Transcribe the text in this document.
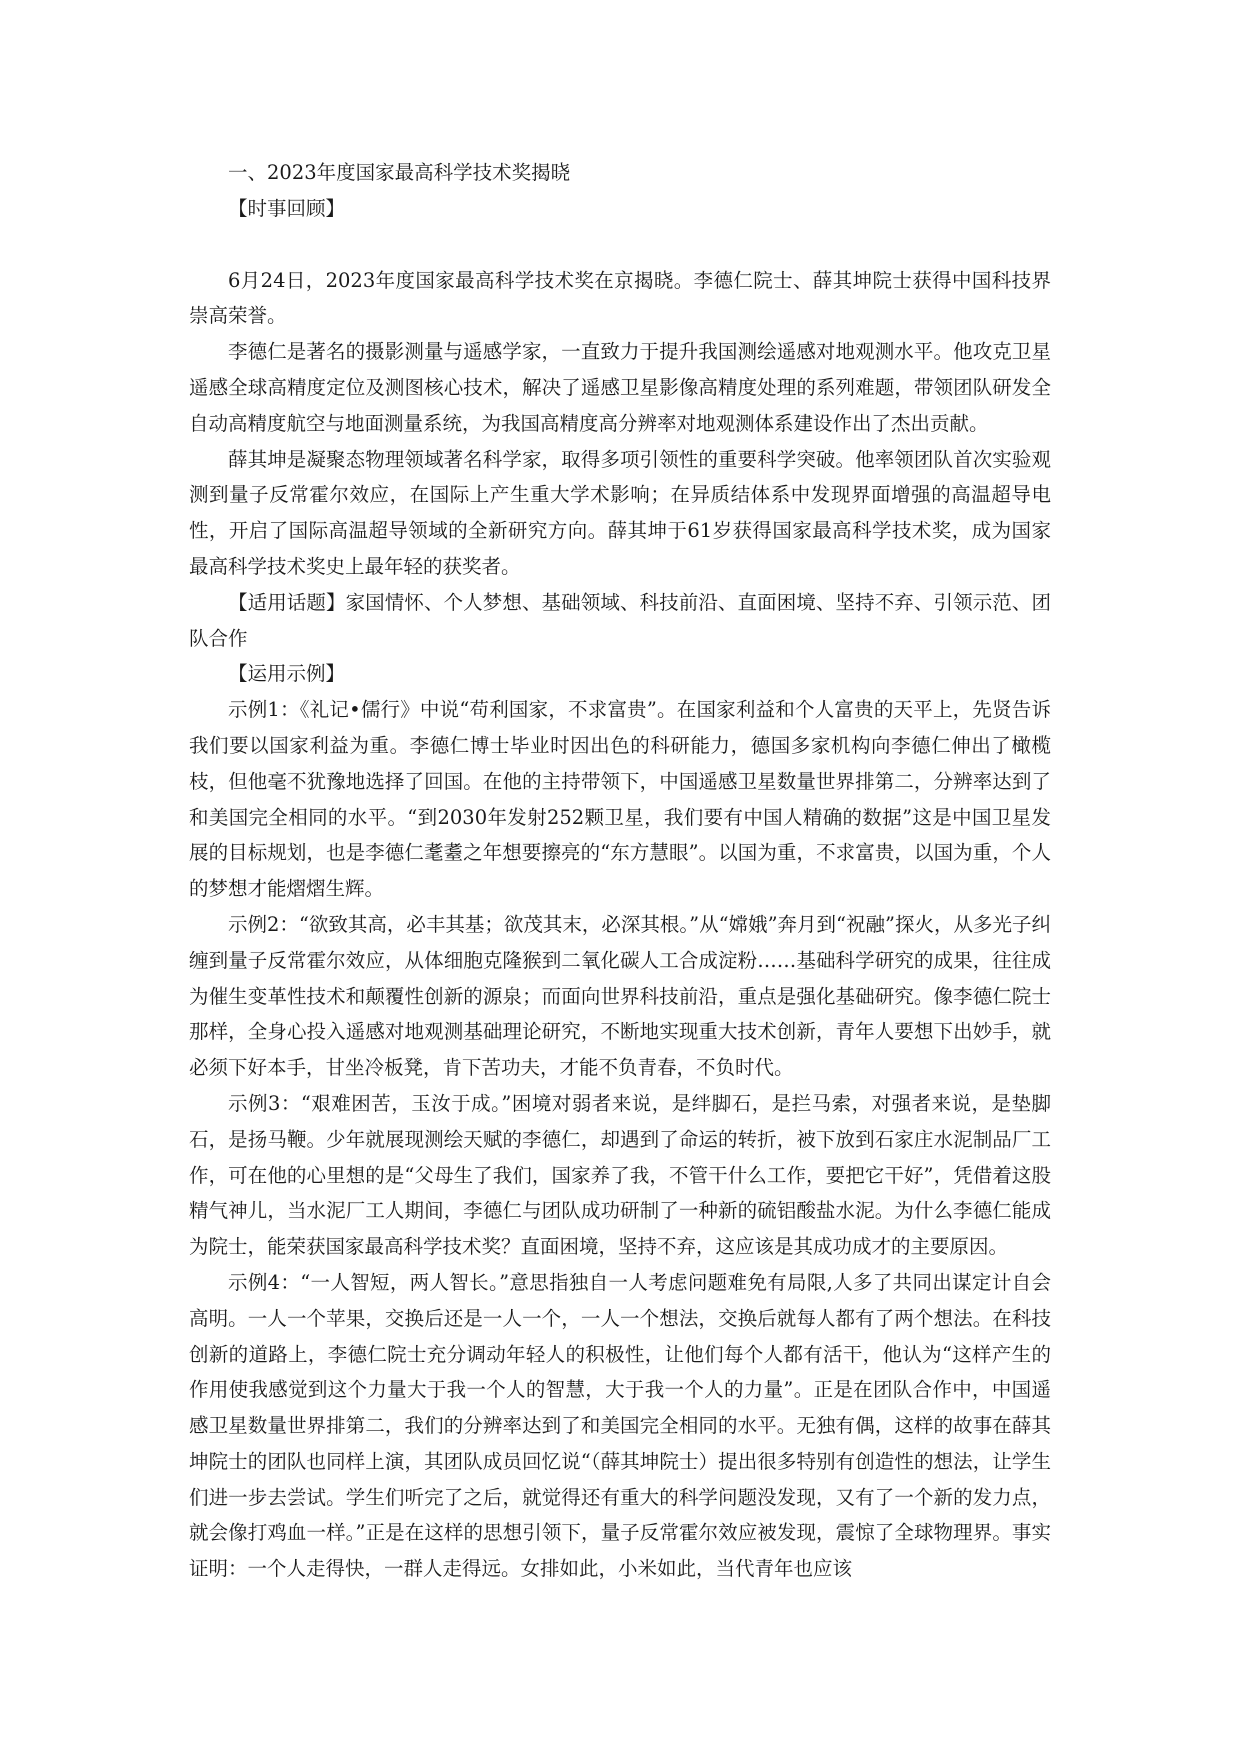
一、2023年度国家最高科学技术奖揭晓

【时事回顾】

6月24日，2023年度国家最高科学技术奖在京揭晓。李德仁院士、薛其坤院士获得中国科技界崇高荣誉。

李德仁是著名的摄影测量与遥感学家，一直致力于提升我国测绘遥感对地观测水平。他攻克卫星遥感全球高精度定位及测图核心技术，解决了遥感卫星影像高精度处理的系列难题，带领团队研发全自动高精度航空与地面测量系统，为我国高精度高分辨率对地观测体系建设作出了杰出贡献。

薛其坤是凝聚态物理领域著名科学家，取得多项引领性的重要科学突破。他率领团队首次实验观测到量子反常霍尔效应，在国际上产生重大学术影响；在异质结体系中发现界面增强的高温超导电性，开启了国际高温超导领域的全新研究方向。薛其坤于61岁获得国家最高科学技术奖，成为国家最高科学技术奖史上最年轻的获奖者。

【适用话题】家国情怀、个人梦想、基础领域、科技前沿、直面困境、坚持不弃、引领示范、团队合作

【运用示例】

示例1：《礼记•儒行》中说“苟利国家，不求富贵”。在国家利益和个人富贵的天平上，先贤告诉我们要以国家利益为重。李德仁博士毕业时因出色的科研能力，德国多家机构向李德仁伸出了橄榄枝，但他毫不犹豫地选择了回国。在他的主持带领下，中国遥感卫星数量世界排第二，分辨率达到了和美国完全相同的水平。“到2030年发射252颗卫星，我们要有中国人精确的数据”这是中国卫星发展的目标规划，也是李德仁耄耋之年想要擦亮的“东方慧眼”。以国为重，不求富贵，以国为重，个人的梦想才能熠熠生辉。

示例2：“欲致其高，必丰其基；欲茂其末，必深其根。”从“嫦娥”奔月到“祝融”探火，从多光子纠缠到量子反常霍尔效应，从体细胞克隆猴到二氧化碳人工合成淀粉……基础科学研究的成果，往往成为催生变革性技术和颠覆性创新的源泉；而面向世界科技前沿，重点是强化基础研究。像李德仁院士那样，全身心投入遥感对地观测基础理论研究，不断地实现重大技术创新，青年人要想下出妙手，就必须下好本手，甘坐冷板凳，肯下苦功夫，才能不负青春，不负时代。

示例3：“艰难困苦，玉汝于成。”困境对弱者来说，是绊脚石，是拦马索，对强者来说，是垫脚石，是扬马鞭。少年就展现测绘天赋的李德仁，却遇到了命运的转折，被下放到石家庄水泥制品厂工作，可在他的心里想的是“父母生了我们，国家养了我，不管干什么工作，要把它干好”，凭借着这股精气神儿，当水泥厂工人期间，李德仁与团队成功研制了一种新的硫铝酸盐水泥。为什么李德仁能成为院士，能荣获国家最高科学技术奖？直面困境，坚持不弃，这应该是其成功成才的主要原因。

示例4：“一人智短，两人智长。”意思指独自一人考虑问题难免有局限,人多了共同出谋定计自会高明。一人一个苹果，交换后还是一人一个，一人一个想法，交换后就每人都有了两个想法。在科技创新的道路上，李德仁院士充分调动年轻人的积极性，让他们每个人都有活干，他认为“这样产生的作用使我感觉到这个力量大于我一个人的智慧，大于我一个人的力量”。正是在团队合作中，中国遥感卫星数量世界排第二，我们的分辨率达到了和美国完全相同的水平。无独有偶，这样的故事在薛其坤院士的团队也同样上演，其团队成员回忆说“（薛其坤院士）提出很多特别有创造性的想法，让学生们进一步去尝试。学生们听完了之后，就觉得还有重大的科学问题没发现，又有了一个新的发力点，就会像打鸡血一样。”正是在这样的思想引领下，量子反常霍尔效应被发现，震惊了全球物理界。事实证明：一个人走得快，一群人走得远。女排如此，小米如此，当代青年也应该
